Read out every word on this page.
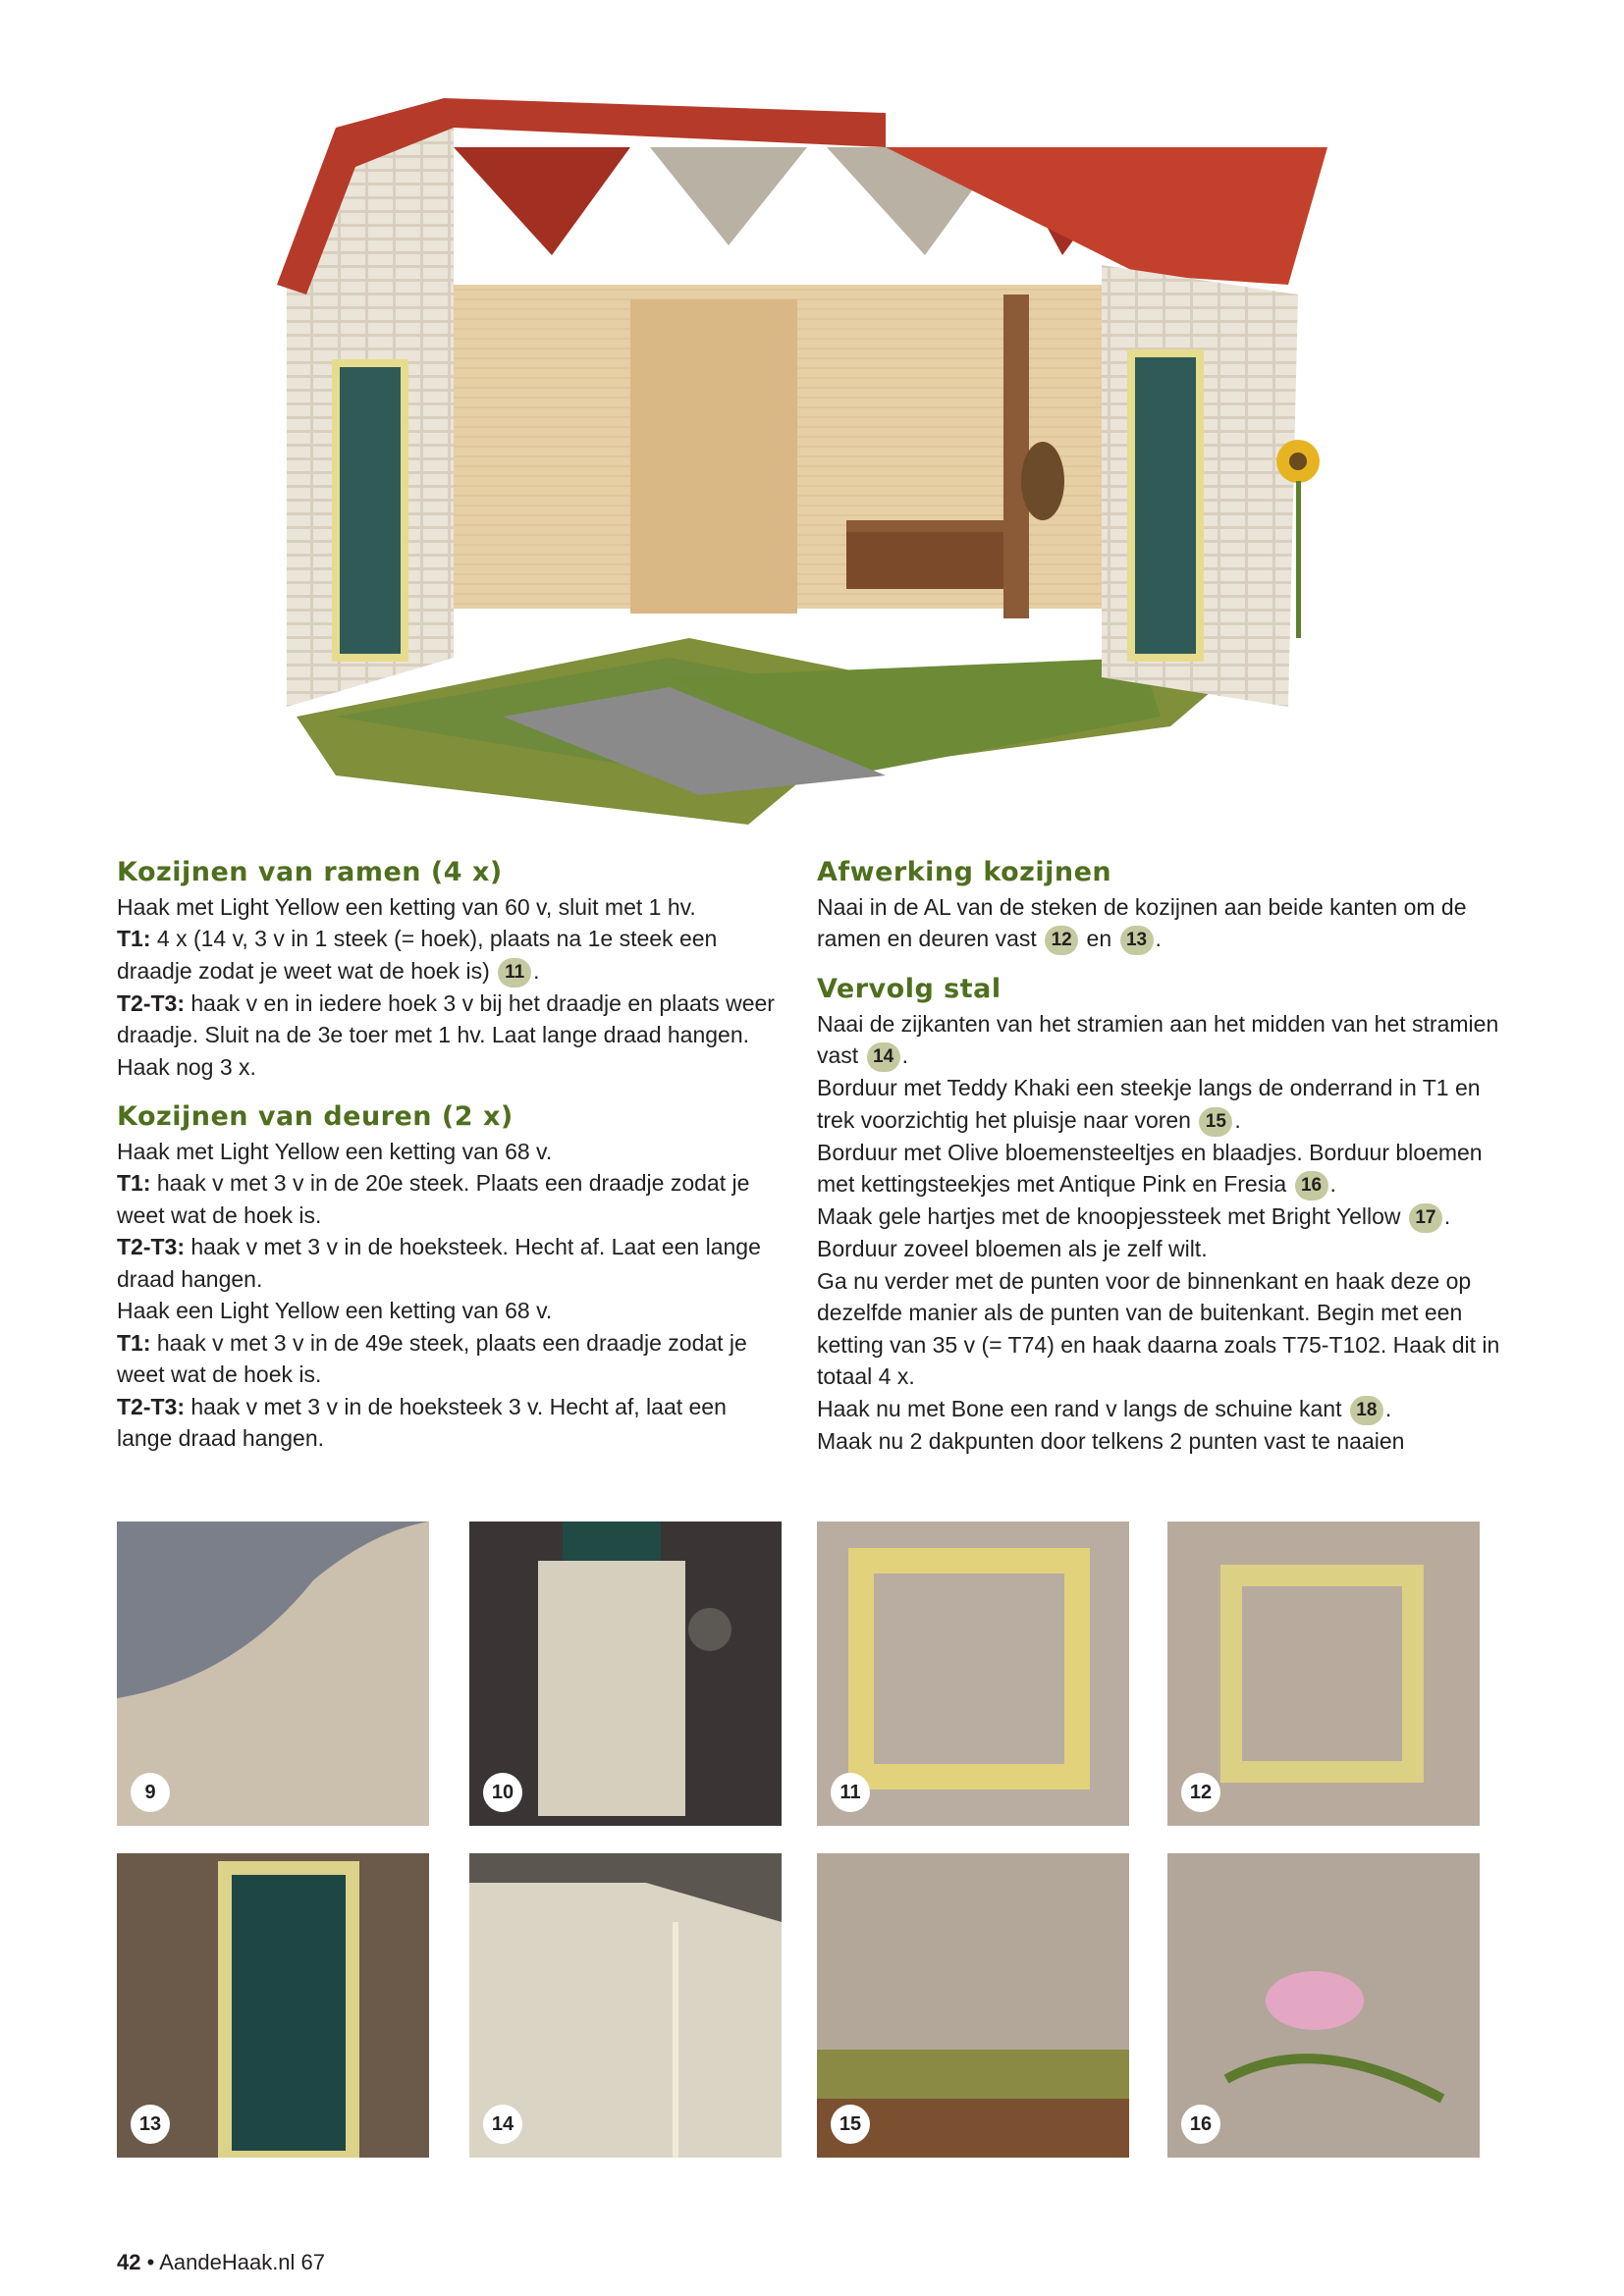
Kozijnen van ramen (4 x)

Haak met Light Yellow een ketting van 60 v, sluit met 1 hv.

T1: 4 x (14 v, 3 v in 1 steek (= hoek), plaats na 1e steek een draadje zodat je weet wat de hoek is) 11 .

T2-T3: haak v en in iedere hoek 3 v bij het draadje en plaats weer draadje. Sluit na de 3e toer met 1 hv. Laat lange draad hangen. Haak nog 3 x.

Kozijnen van deuren (2 x)

Haak met Light Yellow een ketting van 68 v.

T1: haak v met 3 v in de 20e steek. Plaats een draadje zodat je weet wat de hoek is.

T2-T3: haak v met 3 v in de hoeksteek. Hecht af. Laat een lange draad hangen.

Haak een Light Yellow een ketting van 68 v.

T1: haak v met 3 v in de 49e steek, plaats een draadje zodat je weet wat de hoek is.

T2-T3: haak v met 3 v in de hoeksteek 3 v. Hecht af, laat een lange draad hangen.

Afwerking kozijnen

Naai in de AL van de steken de kozijnen aan beide kanten om de ramen en deuren vast 12 en 13 .

Vervolg stal

Naai de zijkanten van het stramien aan het midden van het stramien vast 14 .

Borduur met Teddy Khaki een steekje langs de onderrand in T1 en trek voorzichtig het pluisje naar voren 15 .

Borduur met Olive bloemensteeltjes en blaadjes. Borduur bloemen met kettingsteekjes met Antique Pink en Fresia 16 .

Maak gele hartjes met de knoopjessteek met Bright Yellow 17 .

Borduur zoveel bloemen als je zelf wilt.

Ga nu verder met de punten voor de binnenkant en haak deze op dezelfde manier als de punten van de buitenkant. Begin met een ketting van 35 v (= T74) en haak daarna zoals T75-T102. Haak dit in totaal 4 x.

Haak nu met Bone een rand v langs de schuine kant 18 .

Maak nu 2 dakpunten door telkens 2 punten vast te naaien

9	10	11	12
13	14	15	16
42 • AandeHaak.nl 67
